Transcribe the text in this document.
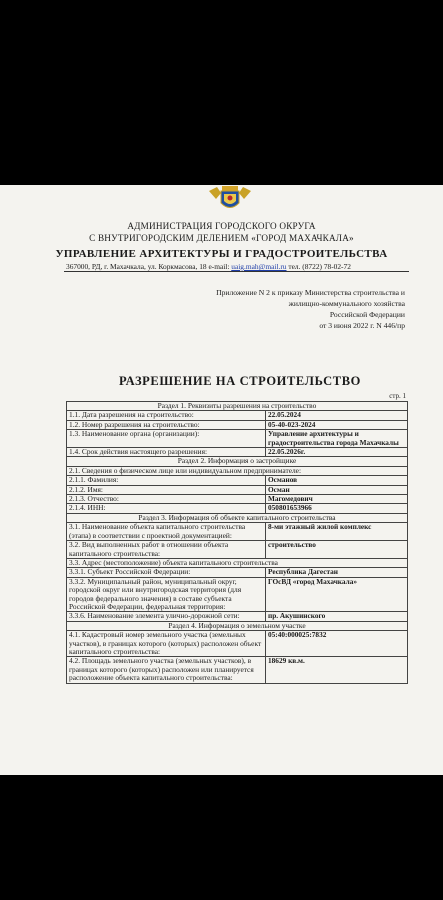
АДМИНИСТРАЦИЯ ГОРОДСКОГО ОКРУГА
С ВНУТРИГОРОДСКИМ ДЕЛЕНИЕМ «ГОРОД МАХАЧКАЛА»
УПРАВЛЕНИЕ АРХИТЕКТУРЫ И ГРАДОСТРОИТЕЛЬСТВА
367000, РД, г. Махачкала, ул. Коркмасова, 18 e-mail: uaig.mah@mail.ru тел. (8722) 78-02-72
Приложение N 2 к приказу Министерства строительства и
жилищно-коммунального хозяйства
Российской Федерации
от 3 июня 2022 г. N 446/пр
РАЗРЕШЕНИЕ НА СТРОИТЕЛЬСТВО
стр. 1
Раздел 1. Реквизиты разрешения на строительство	
1.1. Дата разрешения на строительство:	22.05.2024
1.2. Номер разрешения на строительство:	05-40-023-2024
1.3. Наименование органа (организации):	Управление архитектуры и градостроительства города Махачкалы
1.4. Срок действия настоящего разрешения:	22.05.2026г.
Раздел 2. Информация о застройщике	
2.1. Сведения о физическом лице или индивидуальном предпринимателе:	
2.1.1. Фамилия:	Османов
2.1.2. Имя:	Осман
2.1.3. Отчество:	Магомедович
2.1.4. ИНН:	050801653966
Раздел 3. Информация об объекте капитального строительства	
3.1. Наименование объекта капитального строительства (этапа) в соответствии с проектной документацией:	8-ми этажный жилой комплекс
3.2. Вид выполненных работ в отношении объекта капитального строительства:	строительство
3.3. Адрес (местоположение) объекта капитального строительства	
3.3.1. Субъект Российской Федерации:	Республика Дагестан
3.3.2. Муниципальный район, муниципальный округ, городской округ или внутригородская территория (для городов федерального значения) в составе субъекта Российской Федерации, федеральная территория:	ГОсВД «город Махачкала»
3.3.6. Наименование элемента улично-дорожной сети:	пр. Акушинского
Раздел 4. Информация о земельном участке	
4.1. Кадастровый номер земельного участка (земельных участков), в границах которого (которых) расположен объект капитального строительства:	05:40:000025:7832
4.2. Площадь земельного участка (земельных участков), в границах которого (которых) расположен или планируется расположение объекта капитального строительства:	18629 кв.м.
